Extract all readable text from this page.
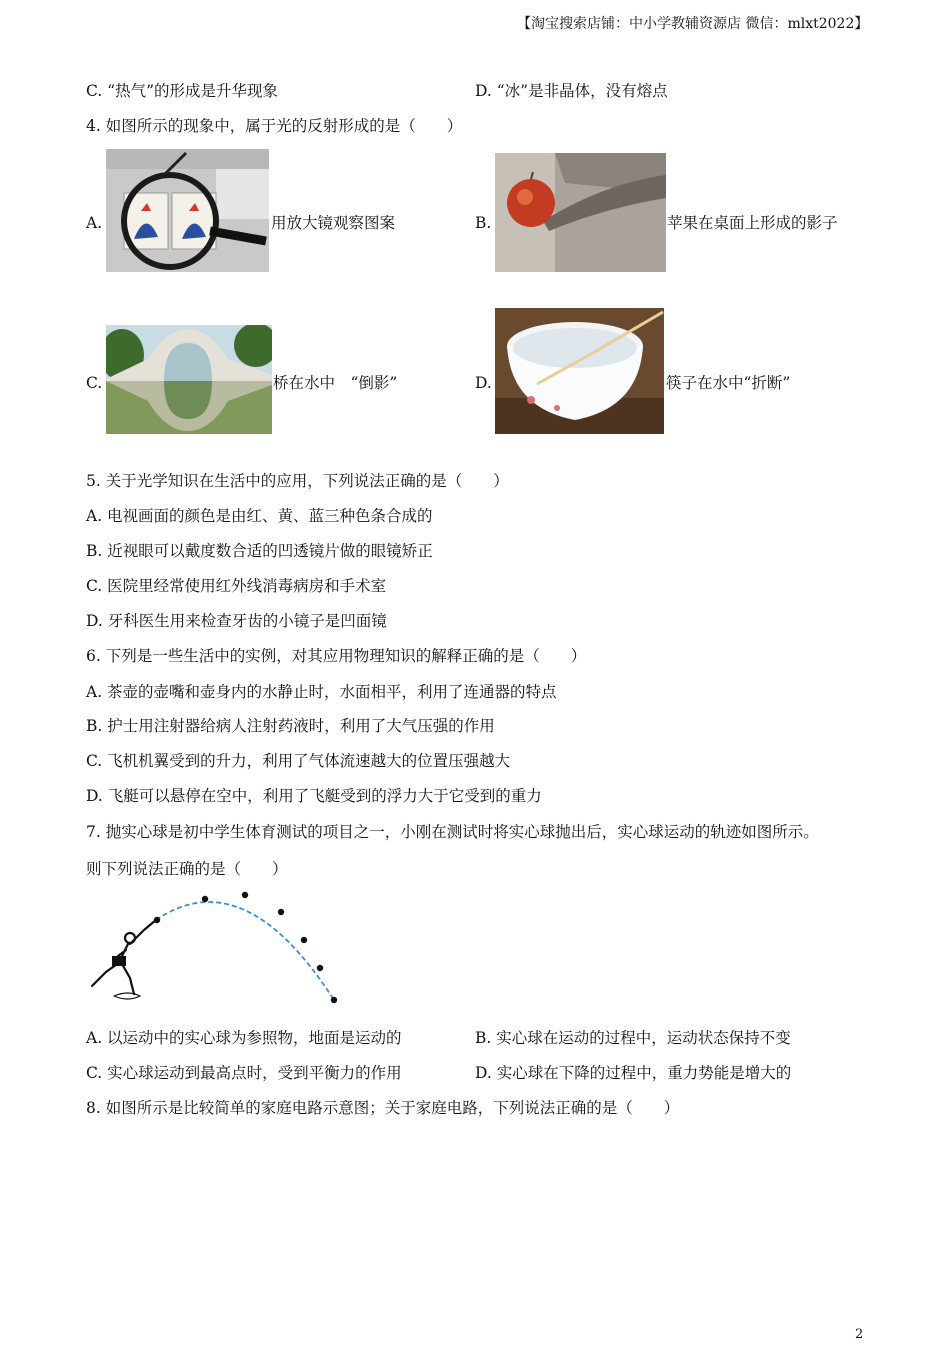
【淘宝搜索店铺：中小学教辅资源店 微信：mlxt2022】
C. “热气”的形成是升华现象	D. “冰”是非晶体，没有熔点
4. 如图所示的现象中，属于光的反射形成的是（　　）
A.	用放大镜观察图案	B.	苹果在桌面上形成的影子
C.	桥在水中　“倒影”	D.	筷子在水中“折断”
5. 关于光学知识在生活中的应用，下列说法正确的是（　　）
A. 电视画面的颜色是由红、黄、蓝三种色条合成的
B. 近视眼可以戴度数合适的凹透镜片做的眼镜矫正
C. 医院里经常使用红外线消毒病房和手术室
D. 牙科医生用来检查牙齿的小镜子是凹面镜
6. 下列是一些生活中的实例，对其应用物理知识的解释正确的是（　　）
A. 茶壶的壶嘴和壶身内的水静止时，水面相平，利用了连通器的特点
B. 护士用注射器给病人注射药液时，利用了大气压强的作用
C. 飞机机翼受到的升力，利用了气体流速越大的位置压强越大
D. 飞艇可以悬停在空中，利用了飞艇受到的浮力大于它受到的重力
7. 抛实心球是初中学生体育测试的项目之一，小刚在测试时将实心球抛出后，实心球运动的轨迹如图所示。
则下列说法正确的是（　　）
A. 以运动中的实心球为参照物，地面是运动的	B. 实心球在运动的过程中，运动状态保持不变
C. 实心球运动到最高点时，受到平衡力的作用	D. 实心球在下降的过程中，重力势能是增大的
8. 如图所示是比较简单的家庭电路示意图；关于家庭电路，下列说法正确的是（　　）
2
